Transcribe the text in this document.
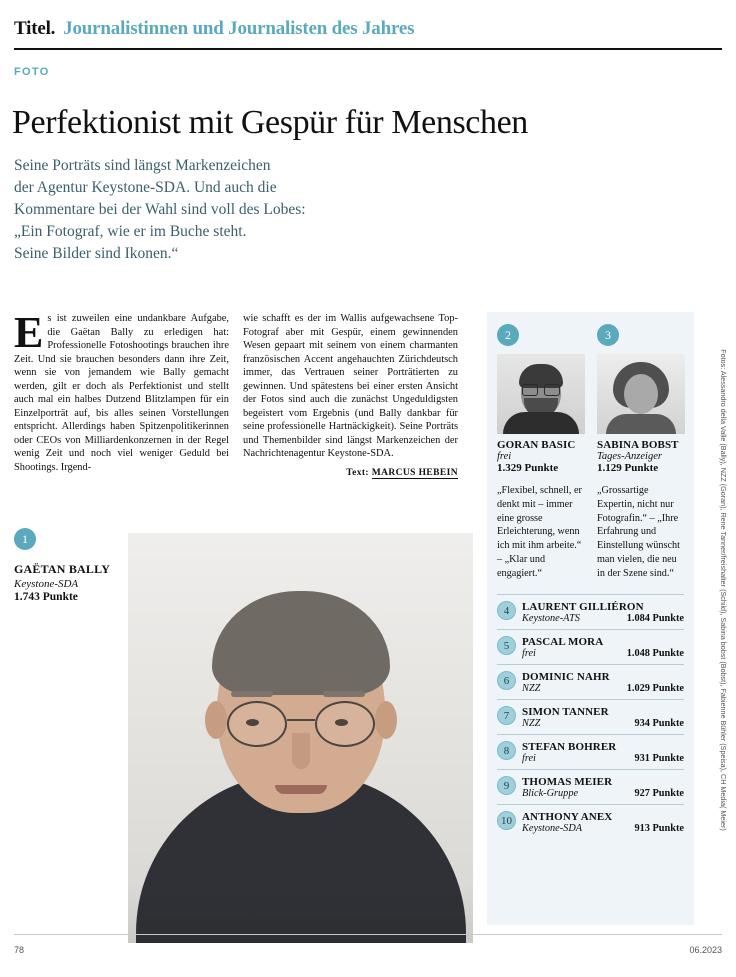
Titel. Journalistinnen und Journalisten des Jahres
FOTO
Perfektionist mit Gespür für Menschen
Seine Porträts sind längst Markenzeichen
der Agentur Keystone-SDA. Und auch die
Kommentare bei der Wahl sind voll des Lobes:
„Ein Fotograf, wie er im Buche steht.
Seine Bilder sind Ikonen.“
E s ist zuweilen eine undankbare Aufgabe, die Gaëtan Bally zu erledigen hat: Professionelle Fotoshootings brauchen ihre Zeit. Und sie brauchen besonders dann ihre Zeit, wenn sie von jemandem wie Bally gemacht werden, gilt er doch als Perfektionist und stellt auch mal ein halbes Dutzend Blitzlampen für ein Einzelporträt auf, bis alles seinen Vorstellungen entspricht. Allerdings haben Spitzenpolitikerinnen oder CEOs von Milliardenkonzernen in der Regel wenig Zeit und noch viel weniger Geduld bei Shootings. Irgend-

wie schafft es der im Wallis aufgewachsene Top-Fotograf aber mit Gespür, einem gewinnenden Wesen gepaart mit seinem von einem charmanten französischen Accent angehauchten Zürichdeutsch immer, das Vertrauen seiner Porträtierten zu gewinnen. Und spätestens bei einer ersten Ansicht der Fotos sind auch die zunächst Ungeduldigsten begeistert vom Ergebnis (und Bally dankbar für seine professionelle Hartnäckigkeit). Seine Porträts und Themenbilder sind längst Markenzeichen der Nachrichtenagentur Keystone-SDA.

Text: MARCUS HEBEIN
1
GAËTAN BALLY
Keystone-SDA
1.743 Punkte
2
GORAN BASIC
frei
1.329 Punkte
„Flexibel, schnell, er denkt mit – immer eine grosse Erleichterung, wenn ich mit ihm arbeite.“ – „Klar und engagiert.“
3
SABINA BOBST
Tages-Anzeiger
1.129 Punkte
„Grossartige Expertin, nicht nur Fotografin.“ – „Ihre Erfahrung und Einstellung wünscht man vielen, die neu in der Szene sind.“
4	LAURENT GILLIÉRON
Keystone-ATS	1.084 Punkte
5	PASCAL MORA
frei	1.048 Punkte
6	DOMINIC NAHR
NZZ	1.029 Punkte
7	SIMON TANNER
NZZ	934 Punkte
8	STEFAN BOHRER
frei	931 Punkte
9	THOMAS MEIER
Blick-Gruppe	927 Punkte
10 ANTHONY ANEX
Keystone-SDA	913 Punkte	Fotos: Alessandro della Valle (Bally), NZZ (Goran), Rene Tanner/freishalter (Schild), Sabina bobst (Bobst), Fabienne Bühler (Speisa), CH Media( Meier)
78	06.2023
